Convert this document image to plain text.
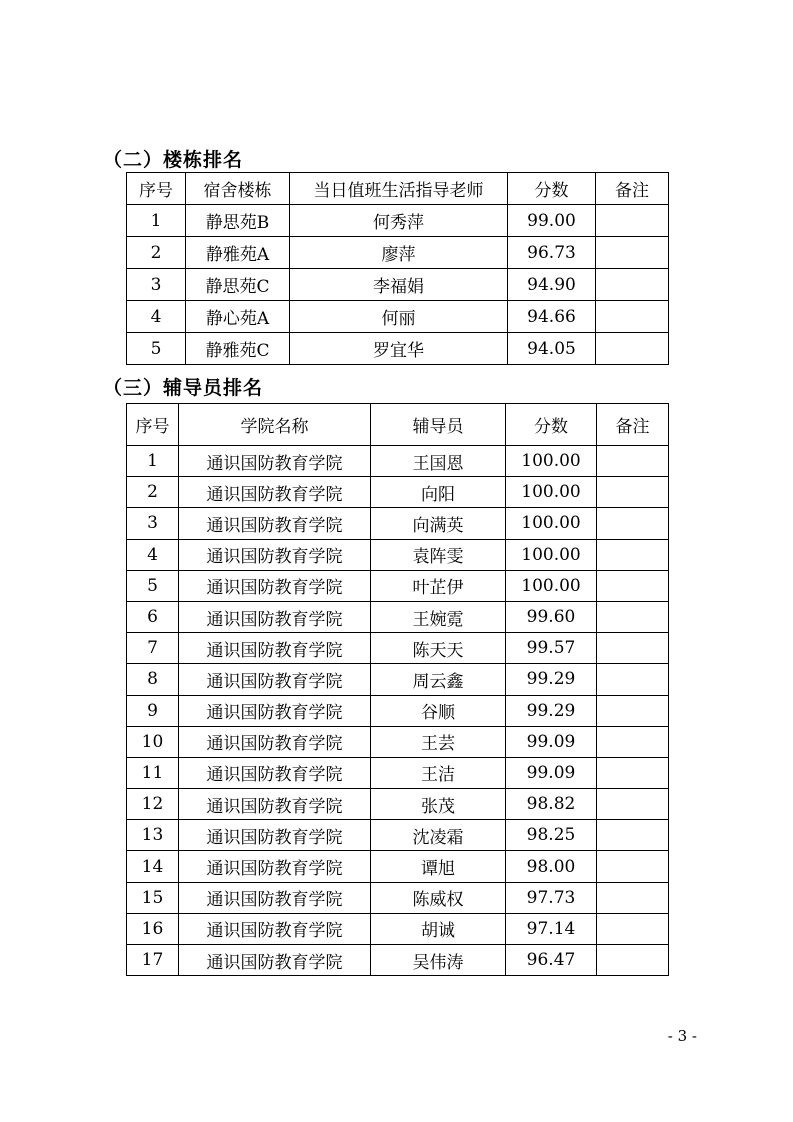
（二）楼栋排名
序号	宿舍楼栋	当日值班生活指导老师	分数	备注
1	静思苑B	何秀萍	99.00	
2	静雅苑A	廖萍	96.73	
3	静思苑C	李福娟	94.90	
4	静心苑A	何丽	94.66	
5	静雅苑C	罗宜华	94.05	
（三）辅导员排名
序号	学院名称	辅导员	分数	备注
1	通识国防教育学院	王国恩	100.00	
2	通识国防教育学院	向阳	100.00	
3	通识国防教育学院	向满英	100.00	
4	通识国防教育学院	袁阵雯	100.00	
5	通识国防教育学院	叶芷伊	100.00	
6	通识国防教育学院	王婉霓	99.60	
7	通识国防教育学院	陈天天	99.57	
8	通识国防教育学院	周云鑫	99.29	
9	通识国防教育学院	谷顺	99.29	
10	通识国防教育学院	王芸	99.09	
11	通识国防教育学院	王洁	99.09	
12	通识国防教育学院	张茂	98.82	
13	通识国防教育学院	沈凌霜	98.25	
14	通识国防教育学院	谭旭	98.00	
15	通识国防教育学院	陈威权	97.73	
16	通识国防教育学院	胡诚	97.14	
17	通识国防教育学院	吴伟涛	96.47	
- 3 -
